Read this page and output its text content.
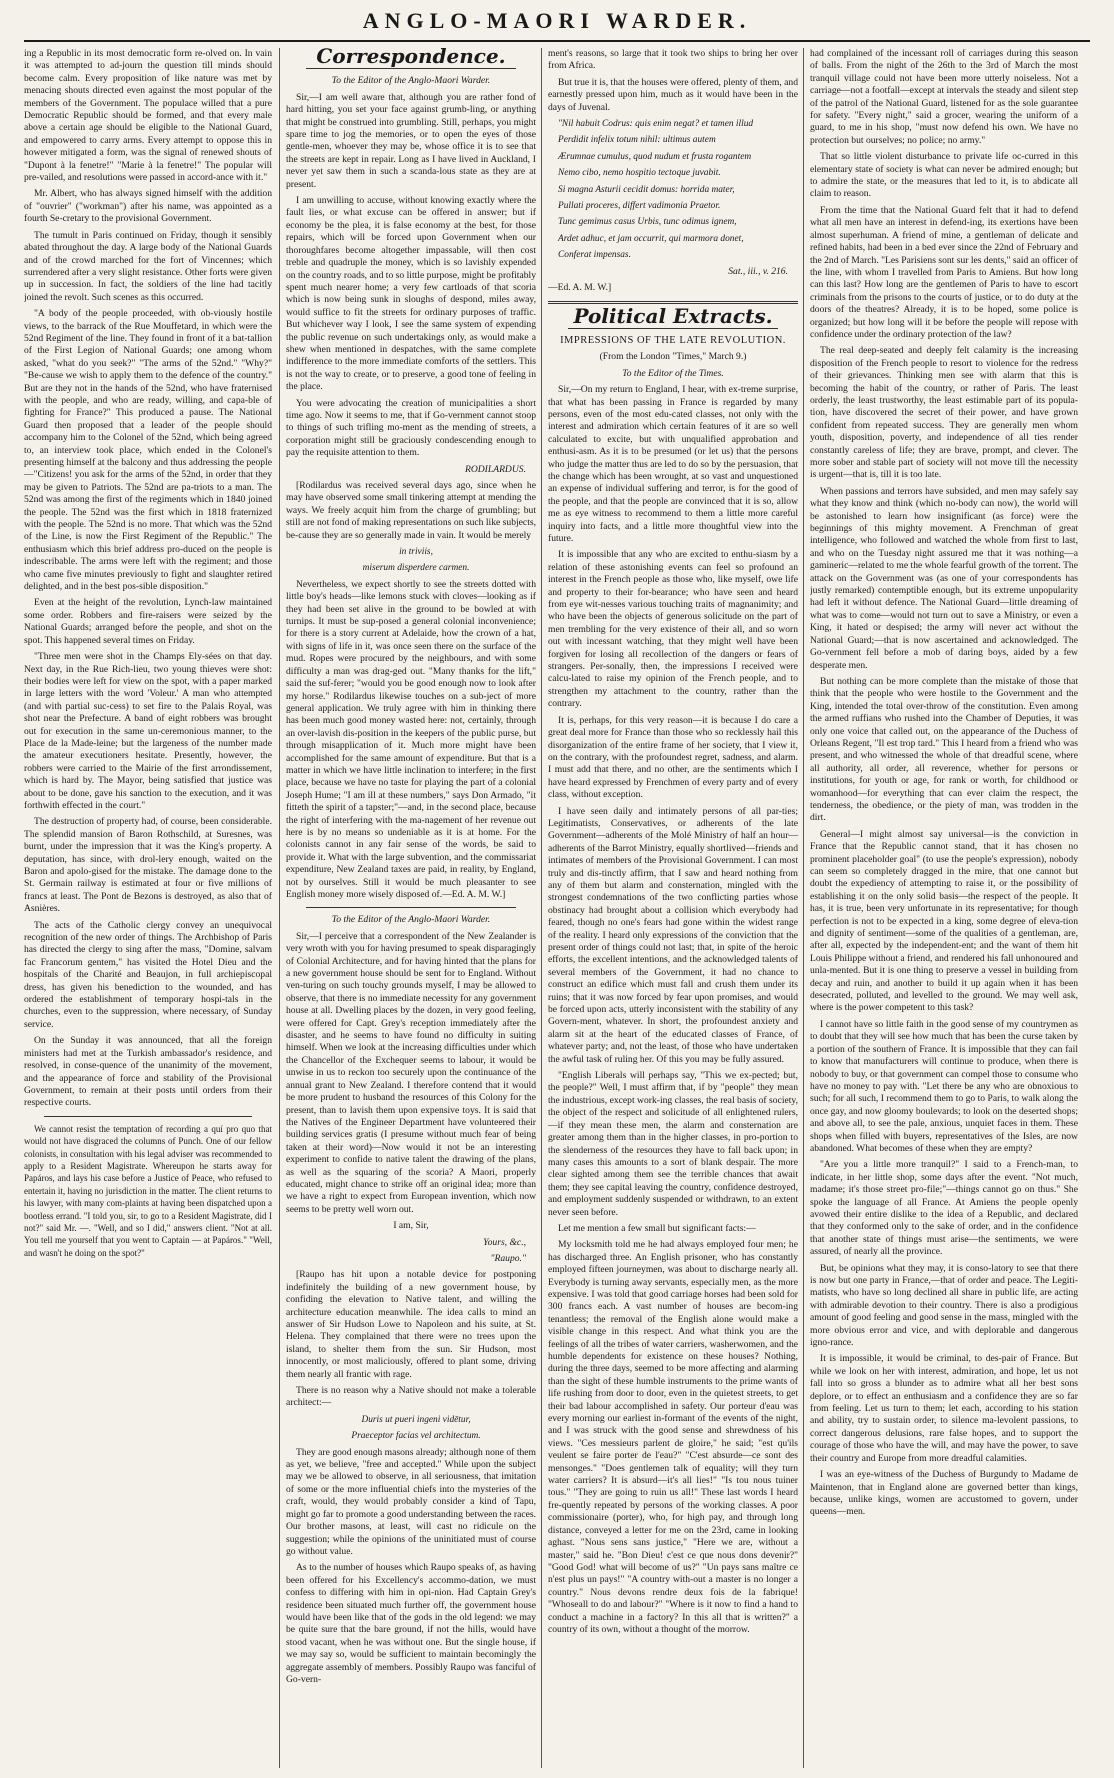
ANGLO-MAORI WARDER.

ing a Republic in its most democratic form re-olved on. In vain it was attempted to ad-journ the question till minds should become calm. Every proposition of like nature was met by menacing shouts directed even against the most popular of the members of the Government. The populace willed that a pure Democratic Republic should be formed, and that every male above a certain age should be eligible to the National Guard, and empowered to carry arms. Every attempt to oppose this in however mitigated a form, was the signal of renewed shouts of "Dupont à la fenetre!" "Marie à la fenetre!" The popular will pre-vailed, and resolutions were passed in accord-ance with it."

Mr. Albert, who has always signed himself with the addition of "ouvrier" ("workman") after his name, was appointed as a fourth Se-cretary to the provisional Government.

The tumult in Paris continued on Friday, though it sensibly abated throughout the day. A large body of the National Guards and of the crowd marched for the fort of Vincennes; which surrendered after a very slight resistance. Other forts were given up in succession. In fact, the soldiers of the line had tacitly joined the revolt. Such scenes as this occurred.

"A body of the people proceeded, with ob-viously hostile views, to the barrack of the Rue Mouffetard, in which were the 52nd Regiment of the line. They found in front of it a bat-tallion of the First Legion of National Guards; one among whom asked, "what do you seek?" "The arms of the 52nd." "Why?" "Be-cause we wish to apply them to the defence of the country." But are they not in the hands of the 52nd, who have fraternised with the people, and who are ready, willing, and capa-ble of fighting for France?" This produced a pause. The National Guard then proposed that a leader of the people should accompany him to the Colonel of the 52nd, which being agreed to, an interview took place, which ended in the Colonel's presenting himself at the balcony and thus addressing the people—"Citizens! you ask for the arms of the 52nd, in order that they may be given to Patriots. The 52nd are pa-triots to a man. The 52nd was among the first of the regiments which in 1840 joined the people. The 52nd was the first which in 1818 fraternized with the people. The 52nd is no more. That which was the 52nd of the Line, is now the First Regiment of the Republic." The enthusiasm which this brief address pro-duced on the people is indescribable. The arms were left with the regiment; and those who came five minutes previously to fight and slaughter retired delighted, and in the best pos-sible disposition."

Even at the height of the revolution, Lynch-law maintained some order. Robbers and fire-raisers were seized by the National Guards; arranged before the people, and shot on the spot. This happened several times on Friday.

"Three men were shot in the Champs Ely-sées on that day. Next day, in the Rue Rich-lieu, two young thieves were shot: their bodies were left for view on the spot, with a paper marked in large letters with the word 'Voleur.' A man who attempted (and with partial suc-cess) to set fire to the Palais Royal, was shot near the Prefecture. A band of eight robbers was brought out for execution in the same un-ceremonious manner, to the Place de la Made-leine; but the largeness of the number made the amateur executioners hesitate. Presently, however, the robbers were carried to the Mairie of the first arrondissement, which is hard by. The Mayor, being satisfied that justice was about to be done, gave his sanction to the execution, and it was forthwith effected in the court."

The destruction of property had, of course, been considerable. The splendid mansion of Baron Rothschild, at Suresnes, was burnt, under the impression that it was the King's property. A deputation, has since, with drol-lery enough, waited on the Baron and apolo-gised for the mistake. The damage done to the St. Germain railway is estimated at four or five millions of francs at least. The Pont de Bezons is destroyed, as also that of Asnières.

The acts of the Catholic clergy convey an unequivocal recognition of the new order of things. The Archbishop of Paris has directed the clergy to sing after the mass, "Domine, salvam fac Francorum gentem," has visited the Hotel Dieu and the hospitals of the Charité and Beaujon, in full archiepiscopal dress, has given his benediction to the wounded, and has ordered the establishment of temporary hospi-tals in the churches, even to the suppression, where necessary, of Sunday service.

On the Sunday it was announced, that all the foreign ministers had met at the Turkish ambassador's residence, and resolved, in conse-quence of the unanimity of the movement, and the appearance of force and stability of the Provisional Government, to remain at their posts until orders from their respective courts.

We cannot resist the temptation of recording a quí pro quo that would not have disgraced the columns of Punch. One of our fellow colonists, in consultation with his legal adviser was recommended to apply to a Resident Magistrate. Whereupon he starts away for Papáros, and lays his case before a Justice of Peace, who refused to entertain it, having no jurisdiction in the matter. The client returns to his lawyer, with many com-plaints at having been dispatched upon a bootless errand. "I told you, sir, to go to a Resident Magistrate, did I not?" said Mr. —. "Well, and so I did," answers client. "Not at all. You tell me yourself that you went to Captain — at Papáros." "Well, and wasn't he doing on the spot?"

Correspondence.

To the Editor of the Anglo-Maori Warder.

Sir,—I am well aware that, although you are rather fond of hard hitting, you set your face against grumb-ling, or anything that might be construed into grumbling. Still, perhaps, you might spare time to jog the memories, or to open the eyes of those gentle-men, whoever they may be, whose office it is to see that the streets are kept in repair. Long as I have lived in Auckland, I never yet saw them in such a scanda-lous state as they are at present.

I am unwilling to accuse, without knowing exactly where the fault lies, or what excuse can be offered in answer; but if economy be the plea, it is false economy at the best, for those repairs, which will be forced upon Government when our thoroughfares become altogether impassable, will then cost treble and quadruple the money, which is so lavishly expended on the country roads, and to so little purpose, might be profitably spent much nearer home; a very few cartloads of that scoria which is now being sunk in sloughs of despond, miles away, would suffice to fit the streets for ordinary purposes of traffic. But whichever way I look, I see the same system of expending the public revenue on such undertakings only, as would make a shew when mentioned in despatches, with the same complete indifference to the more immediate comforts of the settlers. This is not the way to create, or to preserve, a good tone of feeling in the place.

You were advocating the creation of municipalities a short time ago. Now it seems to me, that if Go-vernment cannot stoop to things of such trifling mo-ment as the mending of streets, a corporation might still be graciously condescending enough to pay the requisite attention to them.

RODILARDUS.

[Rodilardus was received several days ago, since when he may have observed some small tinkering attempt at mending the ways. We freely acquit him from the charge of grumbling; but still are not fond of making representations on such like subjects, be-cause they are so generally made in vain. It would be merely

in triviis,

miserum disperdere carmen.

Nevertheless, we expect shortly to see the streets dotted with little boy's heads—like lemons stuck with cloves—looking as if they had been set alive in the ground to be bowled at with turnips. It must be sup-posed a general colonial inconvenience; for there is a story current at Adelaide, how the crown of a hat, with signs of life in it, was once seen there on the surface of the mud. Ropes were procured by the neighbours, and with some difficulty a man was drag-ged out. "Many thanks for the lift," said the suf-ferer; "would you be good enough now to look after my horse." Rodilardus likewise touches on a sub-ject of more general application. We truly agree with him in thinking there has been much good money wasted here: not, certainly, through an over-lavish dis-position in the keepers of the public purse, but through misapplication of it. Much more might have been accomplished for the same amount of expenditure. But that is a matter in which we have little inclination to interfere; in the first place, because we have no taste for playing the part of a colonial Joseph Hume; "I am ill at these numbers," says Don Armado, "it fitteth the spirit of a tapster;"—and, in the second place, because the right of interfering with the ma-nagement of her revenue out here is by no means so undeniable as it is at home. For the colonists cannot in any fair sense of the words, be said to provide it. What with the large subvention, and the commissariat expenditure, New Zealand taxes are paid, in reality, by England, not by ourselves. Still it would be much pleasanter to see English money more wisely disposed of.—Ed. A. M. W.]

To the Editor of the Anglo-Maori Warder.

Sir,—I perceive that a correspondent of the New Zealander is very wroth with you for having presumed to speak disparagingly of Colonial Architecture, and for having hinted that the plans for a new government house should be sent for to England. Without ven-turing on such touchy grounds myself, I may be allowed to observe, that there is no immediate necessity for any government house at all. Dwelling places by the dozen, in very good feeling, were offered for Capt. Grey's reception immediately after the disaster, and he seems to have found no difficulty in suiting himself. When we look at the increasing difficulties under which the Chancellor of the Exchequer seems to labour, it would be unwise in us to reckon too securely upon the continuance of the annual grant to New Zealand. I therefore contend that it would be more prudent to husband the resources of this Colony for the present, than to lavish them upon expensive toys. It is said that the Natives of the Engineer Department have volunteered their building services gratis (I presume without much fear of being taken at their word)—Now would it not be an interesting experiment to confide to native talent the drawing of the plans, as well as the squaring of the scoria? A Maori, properly educated, might chance to strike off an original idea; more than we have a right to expect from European invention, which now seems to be pretty well worn out.

I am, Sir,

Yours, &c.,

"Raupo."

[Raupo has hit upon a notable device for postponing indefinitely the building of a new government house, by confiding the elevation to Native talent, and willing the architecture education meanwhile. The idea calls to mind an answer of Sir Hudson Lowe to Napoleon and his suite, at St. Helena. They complained that there were no trees upon the island, to shelter them from the sun. Sir Hudson, most innocently, or most maliciously, offered to plant some, driving them nearly all frantic with rage.

There is no reason why a Native should not make a tolerable architect:—

Duris ut pueri ingeni vidētur,

Praeceptor facias vel architectum.

They are good enough masons already; although none of them as yet, we believe, "free and accepted." While upon the subject may we be allowed to observe, in all seriousness, that imitation of some or the more influential chiefs into the mysteries of the craft, would, they would probably consider a kind of Tapu, might go far to promote a good understanding between the races. Our brother masons, at least, will cast no ridicule on the suggestion; while the opinions of the uninitiated must of course go without value.

As to the number of houses which Raupo speaks of, as having been offered for his Excellency's accommo-dation, we must confess to differing with him in opi-nion. Had Captain Grey's residence been situated much further off, the government house would have been like that of the gods in the old legend: we may be quite sure that the bare ground, if not the hills, would have stood vacant, when he was without one. But the single house, if we may say so, would be sufficient to maintain becomingly the aggregate assembly of members. Possibly Raupo was fanciful of Go-vern-

ment's reasons, so large that it took two ships to bring her over from Africa.

But true it is, that the houses were offered, plenty of them, and earnestly pressed upon him, much as it would have been in the days of Juvenal.

"Nil habuit Codrus: quis enim negat? et tamen illud

Perdidit infelix totum nihil: ultimus autem

Ærumnae cumulus, quod nudum et frusta rogantem

Nemo cibo, nemo hospitio tectoque juvabit.

Si magna Asturii cecidit domus: horrida mater,

Pullati proceres, differt vadimonia Praetor.

Tunc gemimus casus Urbis, tunc odimus ignem,

Ardet adhuc, et jam occurrit, qui marmora donet,

Conferat impensas.

Sat., iii., v. 216.

—Ed. A. M. W.]

Political Extracts.

IMPRESSIONS OF THE LATE REVOLUTION.

(From the London "Times," March 9.)

To the Editor of the Times.

Sir,—On my return to England, I hear, with ex-treme surprise, that what has been passing in France is regarded by many persons, even of the most edu-cated classes, not only with the interest and admiration which certain features of it are so well calculated to excite, but with unqualified approbation and enthusi-asm. As it is to be presumed (or let us) that the persons who judge the matter thus are led to do so by the persuasion, that the change which has been wrought, at so vast and unquestioned an expense of individual suffering and terror, is for the good of the people, and that the people are convinced that it is so, allow me as eye witness to recommend to them a little more careful inquiry into facts, and a little more thoughtful view into the future.

It is impossible that any who are excited to enthu-siasm by a relation of these astonishing events can feel so profound an interest in the French people as those who, like myself, owe life and property to their for-bearance; who have seen and heard from eye wit-nesses various touching traits of magnanimity; and who have been the objects of generous solicitude on the part of men trembling for the very existence of their all, and so worn out with incessant watching, that they might well have been forgiven for losing all recollection of the dangers or fears of strangers. Per-sonally, then, the impressions I received were calcu-lated to raise my opinion of the French people, and to strengthen my attachment to the country, rather than the contrary.

It is, perhaps, for this very reason—it is because I do care a great deal more for France than those who so recklessly hail this disorganization of the entire frame of her society, that I view it, on the contrary, with the profoundest regret, sadness, and alarm. I must add that there, and no other, are the sentiments which I have heard expressed by Frenchmen of every party and of every class, without exception.

I have seen daily and intimately persons of all par-ties; Legitimatists, Conservatives, or adherents of the late Government—adherents of the Molé Ministry of half an hour—adherents of the Barrot Ministry, equally shortlived—friends and intimates of members of the Provisional Government. I can most truly and dis-tinctly affirm, that I saw and heard nothing from any of them but alarm and consternation, mingled with the strongest condemnations of the two conflicting parties whose obstinacy had brought about a collision which everybody had feared, though no one's fears had gone within the widest range of the reality. I heard only expressions of the conviction that the present order of things could not last; that, in spite of the heroic efforts, the excellent intentions, and the acknowledged talents of several members of the Government, it had no chance to construct an edifice which must fall and crush them under its ruins; that it was now forced by fear upon promises, and would be forced upon acts, utterly inconsistent with the stability of any Govern-ment, whatever. In short, the profoundest anxiety and alarm sit at the heart of the educated classes of France, of whatever party; and, not the least, of those who have undertaken the awful task of ruling her. Of this you may be fully assured.

"English Liberals will perhaps say, "This we ex-pected; but, the people?" Well, I must affirm that, if by "people" they mean the industrious, except work-ing classes, the real basis of society, the object of the respect and solicitude of all enlightened rulers,—if they mean these men, the alarm and consternation are greater among them than in the higher classes, in pro-portion to the slenderness of the resources they have to fall back upon; in many cases this amounts to a sort of blank despair. The more clear sighted among them see the terrible chances that await them; they see capital leaving the country, confidence destroyed, and employment suddenly suspended or withdrawn, to an extent never seen before.

Let me mention a few small but significant facts:—

My locksmith told me he had always employed four men; he has discharged three. An English prisoner, who has constantly employed fifteen journeymen, was about to discharge nearly all. Everybody is turning away servants, especially men, as the more expensive. I was told that good carriage horses had been sold for 300 francs each. A vast number of houses are becom-ing tenantless; the removal of the English alone would make a visible change in this respect. And what think you are the feelings of all the tribes of water carriers, washerwomen, and the humble dependents for existence on these houses? Nothing, during the three days, seemed to be more affecting and alarming than the sight of these humble instruments to the prime wants of life rushing from door to door, even in the quietest streets, to get their bad labour accomplished in safety. Our porteur d'eau was every morning our earliest in-formant of the events of the night, and I was struck with the good sense and shrewdness of his views. "Ces messieurs parlent de gloire," he said; "est qu'ils veulent se faire porter de l'eau?" "C'est absurde—ce sont des mensonges." "Does gentlemen talk of equality; will they turn water carriers? It is absurd—it's all lies!" "Is tou nous tuiner tous." "They are going to ruin us all!" These last words I heard fre-quently repeated by persons of the working classes. A poor commissionaire (porter), who, for high pay, and through long distance, conveyed a letter for me on the 23rd, came in looking aghast. "Nous sens sans justice," "Here we are, without a master," said he. "Bon Dieu! c'est ce que nous dons devenir?" "Good God! what will become of us?" "Un pays sans maître ce n'est plus un pays!" "A country with-out a master is no longer a country." Nous devons rendre deux fois de la fabrique! "Whoseall to do and labour?" "Where is it now to find a hand to conduct a machine in a factory? In this all that is written?" a country of its own, without a thought of the morrow.

had complained of the incessant roll of carriages during this season of balls. From the night of the 26th to the 3rd of March the most tranquil village could not have been more utterly noiseless. Not a carriage—not a footfall—except at intervals the steady and silent step of the patrol of the National Guard, listened for as the sole guarantee for safety. "Every night," said a grocer, wearing the uniform of a guard, to me in his shop, "must now defend his own. We have no protection but ourselves; no police; no army."

That so little violent disturbance to private life oc-curred in this elementary state of society is what can never be admired enough; but to admire the state, or the measures that led to it, is to abdicate all claim to reason.

From the time that the National Guard felt that it had to defend what all men have an interest in defend-ing, its exertions have been almost superhuman. A friend of mine, a gentleman of delicate and refined habits, had been in a bed ever since the 22nd of February and the 2nd of March. "Les Parisiens sont sur les dents," said an officer of the line, with whom I travelled from Paris to Amiens. But how long can this last? How long are the gentlemen of Paris to have to escort criminals from the prisons to the courts of justice, or to do duty at the doors of the theatres? Already, it is to be hoped, some police is organized; but how long will it be before the people will repose with confidence under the ordinary protection of the law?

The real deep-seated and deeply felt calamity is the increasing disposition of the French people to resort to violence for the redress of their grievances. Thinking men see with alarm that this is becoming the habit of the country, or rather of Paris. The least orderly, the least trustworthy, the least estimable part of its popula-tion, have discovered the secret of their power, and have grown confident from repeated success. They are generally men whom youth, disposition, poverty, and independence of all ties render constantly careless of life; they are brave, prompt, and clever. The more sober and stable part of society will not move till the necessity is urgent—that is, till it is too late.

When passions and terrors have subsided, and men may safely say what they know and think (which no-body can now), the world will be astonished to learn how insignificant (as force) were the beginnings of this mighty movement. A Frenchman of great intelligence, who followed and watched the whole from first to last, and who on the Tuesday night assured me that it was nothing—a gamineric—related to me the whole fearful growth of the torrent. The attack on the Government was (as one of your correspondents has justly remarked) contemptible enough, but its extreme unpopularity had left it without defence. The National Guard—little dreaming of what was to come—would not turn out to save a Ministry, or even a King, it hated or despised; the army will never act without the National Guard;—that is now ascertained and acknowledged. The Go-vernment fell before a mob of daring boys, aided by a few desperate men.

But nothing can be more complete than the mistake of those that think that the people who were hostile to the Government and the King, intended the total over-throw of the constitution. Even among the armed ruffians who rushed into the Chamber of Deputies, it was only one voice that called out, on the appearance of the Duchess of Orleans Regent, "Il est trop tard." This I heard from a friend who was present, and who witnessed the whole of that dreadful scene, where all authority, all order, all reverence, whether for persons or institutions, for youth or age, for rank or worth, for childhood or womanhood—for everything that can ever claim the respect, the tenderness, the obedience, or the piety of man, was trodden in the dirt.

General—I might almost say universal—is the conviction in France that the Republic cannot stand, that it has chosen no prominent placeholder goal" (to use the people's expression), nobody can seem so completely dragged in the mire, that one cannot but doubt the expediency of attempting to raise it, or the possibility of establishing it on the only solid basis—the respect of the people. It has, it is true, been very unfortunate in its representative; for though perfection is not to be expected in a king, some degree of eleva-tion and dignity of sentiment—some of the qualities of a gentleman, are, after all, expected by the independent-ent; and the want of them hit Louis Philippe without a friend, and rendered his fall unhonoured and unla-mented. But it is one thing to preserve a vessel in building from decay and ruin, and another to build it up again when it has been desecrated, polluted, and levelled to the ground. We may well ask, where is the power competent to this task?

I cannot have so little faith in the good sense of my countrymen as to doubt that they will see how much that has been the curse taken by a portion of the southern of France. It is impossible that they can fail to know that manufacturers will continue to produce, when there is nobody to buy, or that government can compel those to consume who have no money to pay with. "Let there be any who are obnoxious to such; for all such, I recommend them to go to Paris, to walk along the once gay, and now gloomy boulevards; to look on the deserted shops; and above all, to see the pale, anxious, unquiet faces in them. These shops when filled with buyers, representatives of the Isles, are now abandoned. What becomes of these when they are empty?

"Are you a little more tranquil?" I said to a French-man, to indicate, in her little shop, some days after the event. "Not much, madame; it's those street pro-file;"—things cannot go on thus." She spoke the language of all France. At Amiens the people openly avowed their entire dislike to the idea of a Republic, and declared that they conformed only to the sake of order, and in the confidence that another state of things must arise—the sentiments, we were assured, of nearly all the province.

But, be opinions what they may, it is conso-latory to see that there is now but one party in France,—that of order and peace. The Legiti-matists, who have so long declined all share in public life, are acting with admirable devotion to their country. There is also a prodigious amount of good feeling and good sense in the mass, mingled with the more obvious error and vice, and with deplorable and dangerous igno-rance.

It is impossible, it would be criminal, to des-pair of France. But while we look on her with interest, admiration, and hope, let us not fall into so gross a blunder as to admire what all her best sons deplore, or to effect an enthusiasm and a confidence they are so far from feeling. Let us turn to them; let each, according to his station and ability, try to sustain order, to silence ma-levolent passions, to correct dangerous delusions, rare false hopes, and to support the courage of those who have the will, and may have the power, to save their country and Europe from more dreadful calamities.

I was an eye-witness of the Duchess of Burgundy to Madame de Maintenon, that in England alone are governed better than kings, because, unlike kings, women are accustomed to govern, under queens—men.
